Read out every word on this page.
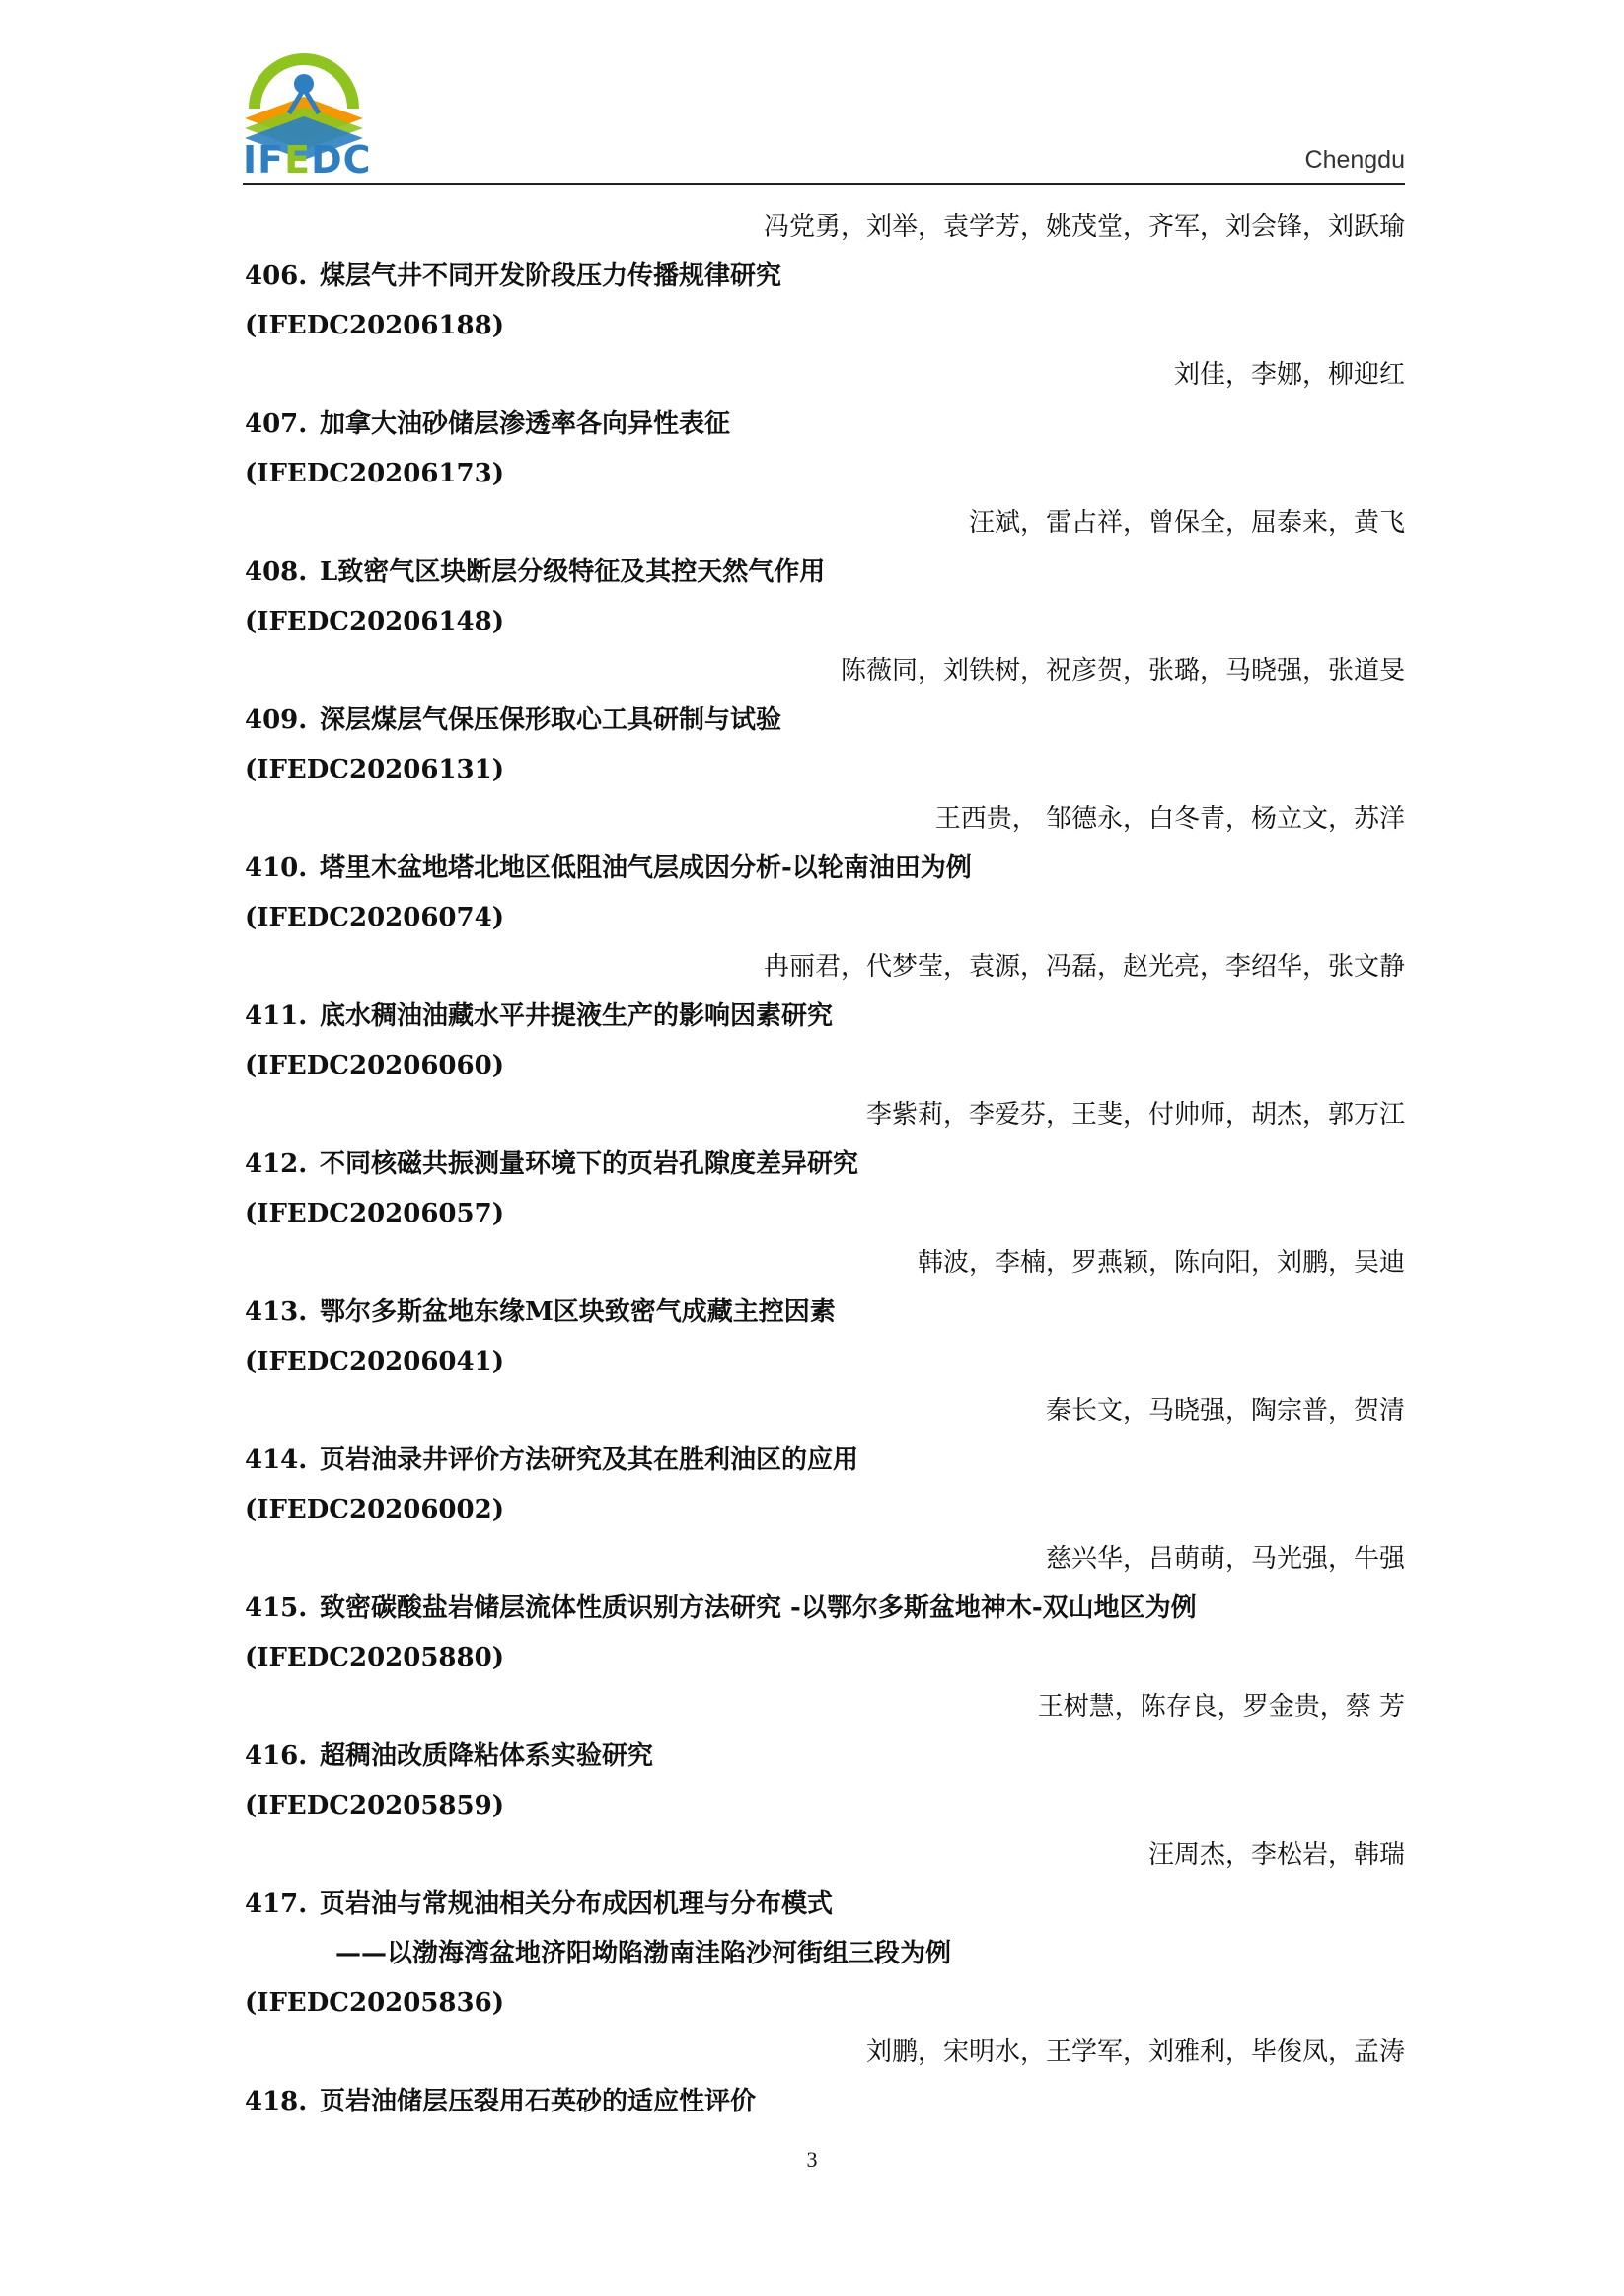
IFEDC	Chengdu
冯党勇，刘举，袁学芳，姚茂堂，齐军，刘会锋，刘跃瑜
406. 煤层气井不同开发阶段压力传播规律研究
(IFEDC20206188)
刘佳，李娜，柳迎红
407. 加拿大油砂储层渗透率各向异性表征
(IFEDC20206173)
汪斌，雷占祥，曾保全，屈泰来，黄飞
408. L致密气区块断层分级特征及其控天然气作用
(IFEDC20206148)
陈薇同，刘铁树，祝彦贺，张璐，马晓强，张道旻
409. 深层煤层气保压保形取心工具研制与试验
(IFEDC20206131)
王西贵， 邹德永，白冬青，杨立文，苏洋
410. 塔里木盆地塔北地区低阻油气层成因分析-以轮南油田为例
(IFEDC20206074)
冉丽君，代梦莹，袁源，冯磊，赵光亮，李绍华，张文静
411. 底水稠油油藏水平井提液生产的影响因素研究
(IFEDC20206060)
李紫莉，李爱芬，王斐，付帅师，胡杰，郭万江
412. 不同核磁共振测量环境下的页岩孔隙度差异研究
(IFEDC20206057)
韩波，李楠，罗燕颖，陈向阳，刘鹏，吴迪
413. 鄂尔多斯盆地东缘M区块致密气成藏主控因素
(IFEDC20206041)
秦长文，马晓强，陶宗普，贺清
414. 页岩油录井评价方法研究及其在胜利油区的应用
(IFEDC20206002)
慈兴华，吕萌萌，马光强，牛强
415. 致密碳酸盐岩储层流体性质识别方法研究 -以鄂尔多斯盆地神木-双山地区为例
(IFEDC20205880)
王树慧，陈存良，罗金贵，蔡 芳
416. 超稠油改质降粘体系实验研究
(IFEDC20205859)
汪周杰，李松岩，韩瑞
417. 页岩油与常规油相关分布成因机理与分布模式
——以渤海湾盆地济阳坳陷渤南洼陷沙河街组三段为例
(IFEDC20205836)
刘鹏，宋明水，王学军，刘雅利，毕俊凤，孟涛
418. 页岩油储层压裂用石英砂的适应性评价
3
